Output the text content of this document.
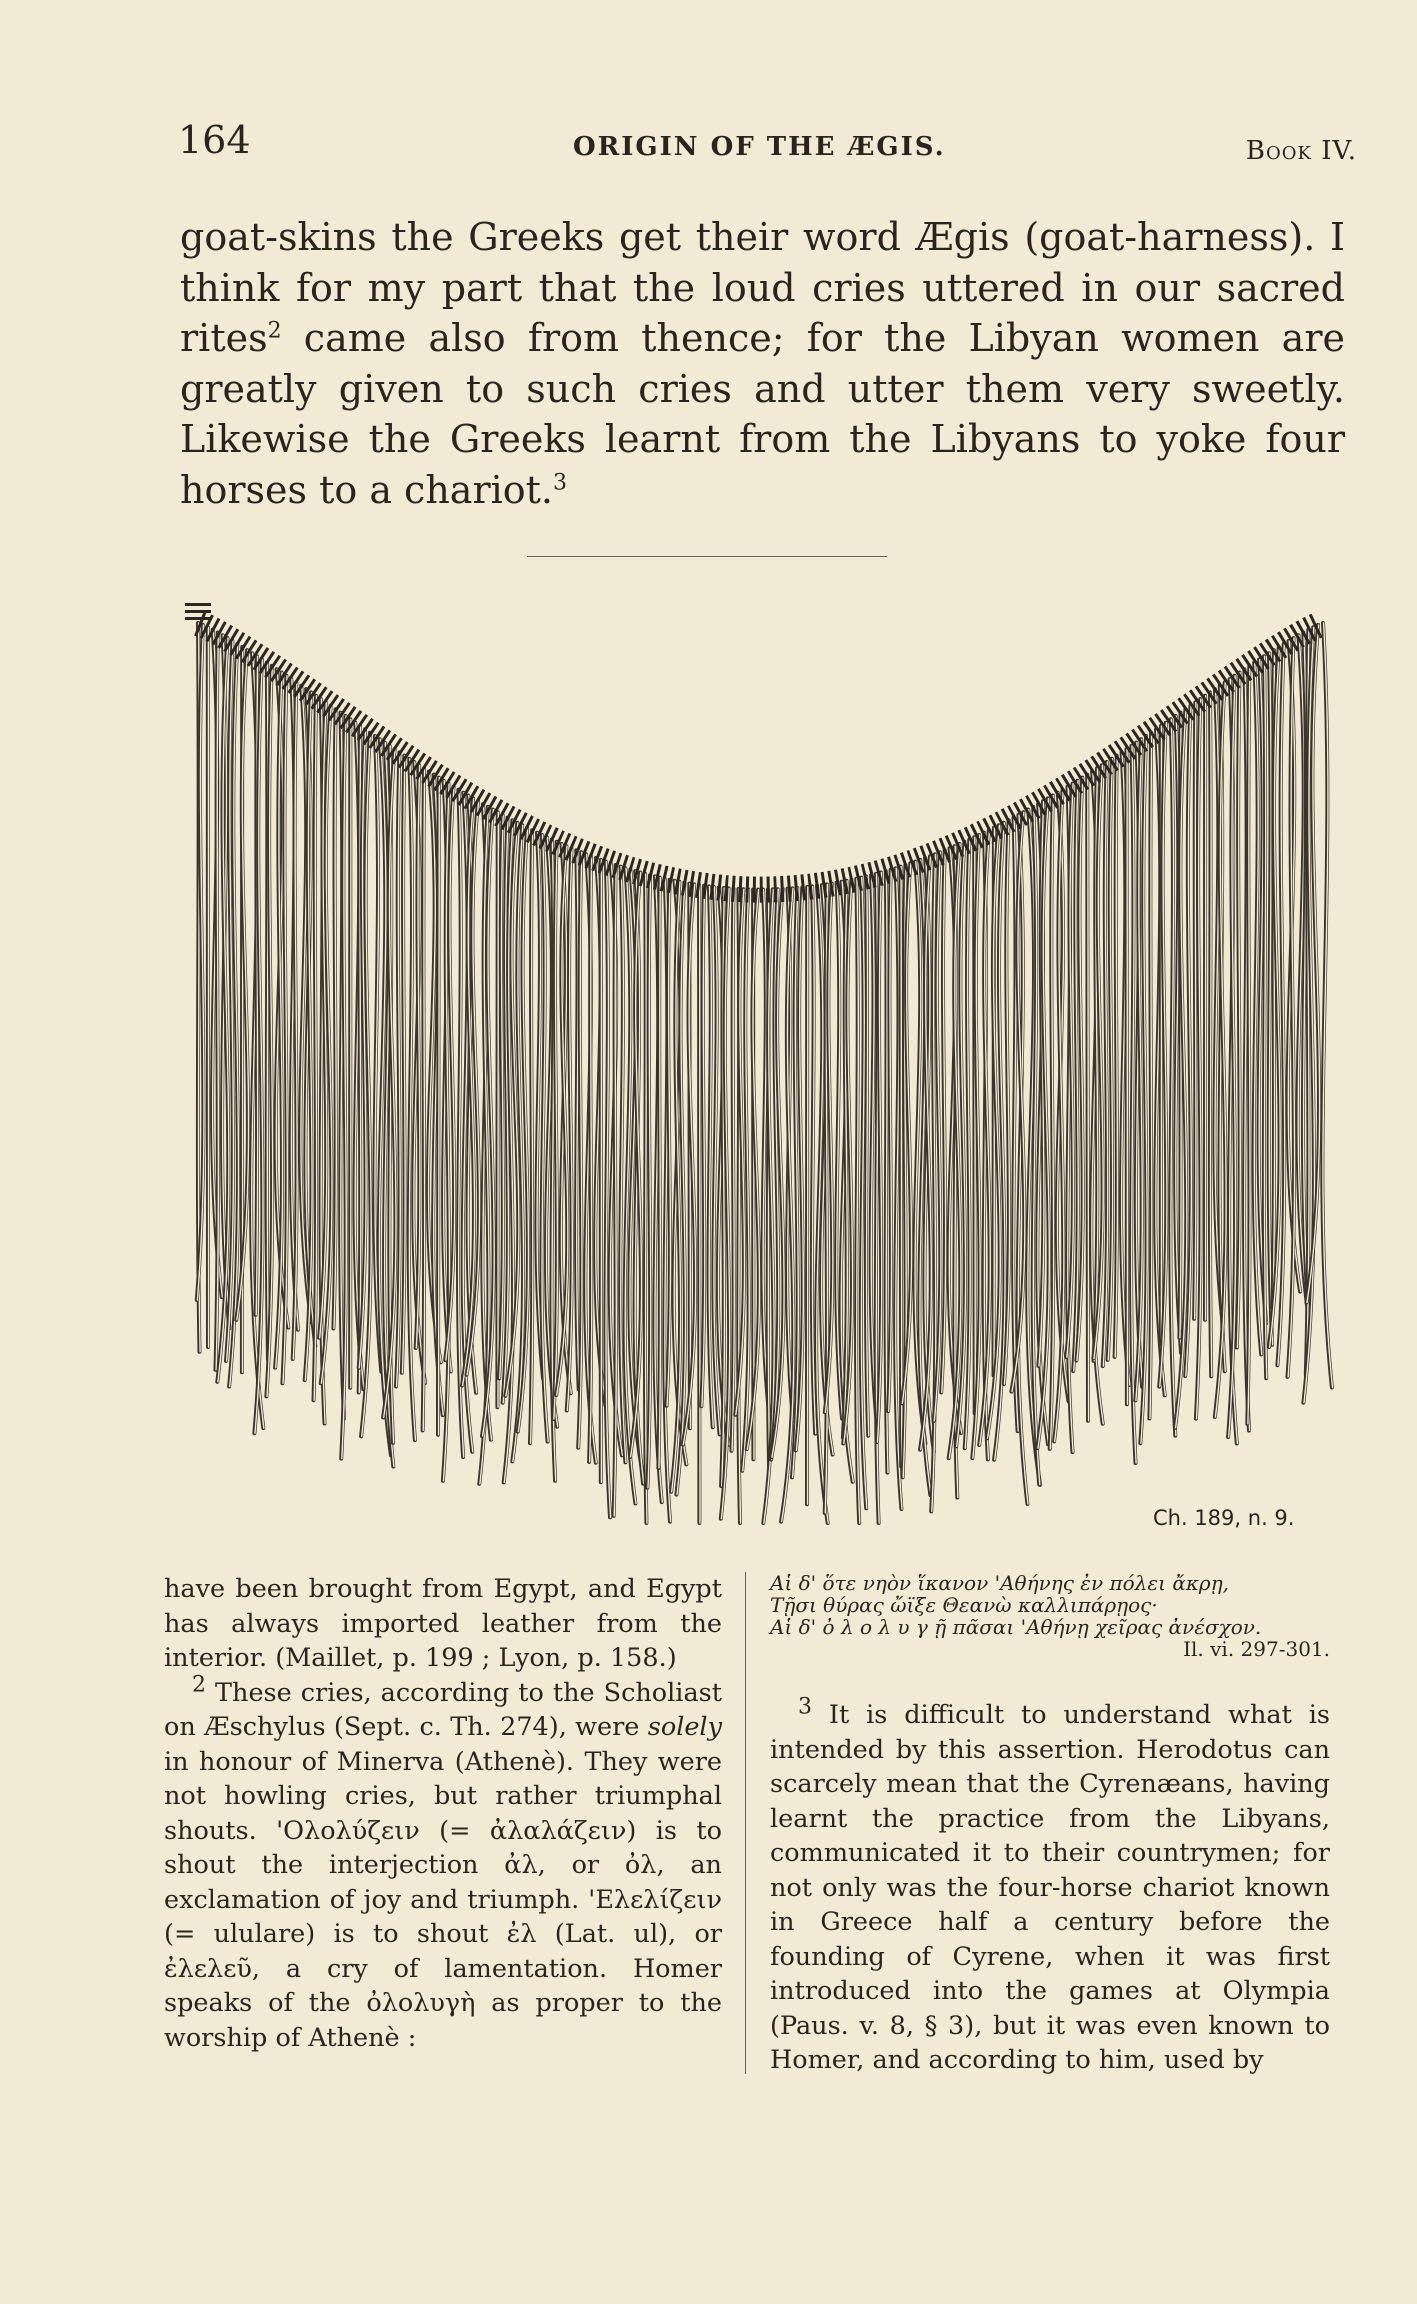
164	ORIGIN OF THE ÆGIS.	Book IV.

goat-skins the Greeks get their word Ægis (goat-harness). I think for my part that the loud cries uttered in our sacred rites$^2$ came also from thence; for the Libyan women are greatly given to such cries and utter them very sweetly. Likewise the Greeks learnt from the Libyans to yoke four horses to a chariot.$^3$

Ch. 189, n. 9.

have been brought from Egypt, and Egypt has always imported leather from the interior. (Maillet, p. 199 ; Lyon, p. 158.)

$^2$ These cries, according to the Scholiast on Æschylus (Sept. c. Th. 274), were solely in honour of Minerva (Athenè). They were not howling cries, but rather triumphal shouts. 'Ολολύζειν (= ἀλαλάζειν) is to shout the interjection ἀλ, or ὀλ, an exclamation of joy and triumph. 'Ελελίζειν (= ululare) is to shout ἐλ (Lat. ul), or ἐλελεῦ, a cry of lamentation. Homer speaks of the ὀλολυγὴ as proper to the worship of Athenè :

Αἱ δ' ὅτε νηὸν ἵκανον 'Αθήνης ἐν πόλει ἄκρῃ,
Τῇσι θύρας ὤϊξε Θεανὼ καλλιπάρῃος·
Αἱ δ' ὀ λ ο λ υ γ ῇ πᾶσαι 'Αθήνῃ χεῖρας ἀνέσχον.
Il. vi. 297-301.

$^3$ It is difficult to understand what is intended by this assertion. Herodotus can scarcely mean that the Cyrenæans, having learnt the practice from the Libyans, communicated it to their countrymen; for not only was the four-horse chariot known in Greece half a century before the founding of Cyrene, when it was first introduced into the games at Olympia (Paus. v. 8, § 3), but it was even known to Homer, and according to him, used by
